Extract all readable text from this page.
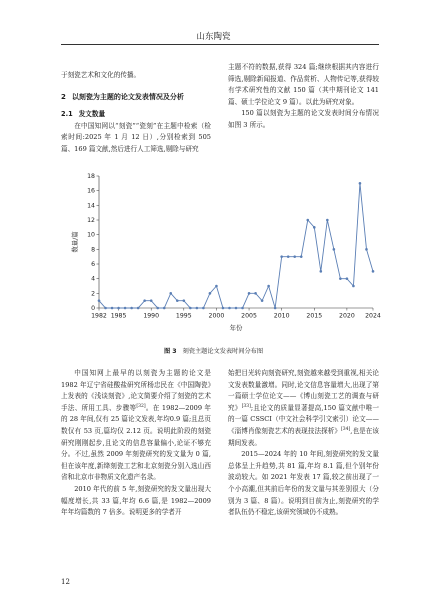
山东陶瓷

于刻瓷艺术和文化的传播。

2 以刻瓷为主题的论文发表情况及分析

2.1 发文数量

在中国知网以“刻瓷”“瓷刻”在主题中检索（检索时间:2025 年 1 月 12 日）,分别检索到 505 篇、169 篇文献,然后进行人工筛选,剔除与研究

主题不符的数据,获得 324 篇;继续根据其内容进行筛选,剔除新闻报道、作品赏析、人物传记等,获得较有学术研究性的文献 150 篇（其中期刊论文 141 篇、硕士学位论文 9 篇）。以此为研究对象。

150 篇以刻瓷为主题的论文发表时间分布情况如图 3 所示。

0
2
4
6
8
10
12
14
16
18
1982 1985	1990	1995	2000	2005	2010	2015	2020 2024
年份
数量/篇
图 3 刻瓷主题论文发表时间分布图

中国知网上最早的以刻瓷为主题的论文是 1982 年辽宁省硅酸盐研究所杨忠民在《中国陶瓷》上发表的《浅谈刻瓷》,论文简要介绍了刻瓷的艺术手法、所用工具、步骤等[32]。在 1982—2009 年的 28 年间,仅有 25 篇论文发表,年均0.9 篇;且总页数仅有 53 页,篇均仅 2.12 页。说明此阶段的刻瓷研究刚刚起步,且论文的信息容量偏小,论证不够充分。不过,虽然 2009 年刻瓷研究的发文量为 0 篇,但在该年度,新绛刻瓷工艺和北京刻瓷分别入选山西省和北京市非物质文化遗产名录。

2010 年代的前 5 年,刻瓷研究的发文量出现大幅度增长,共 33 篇,年均 6.6 篇,是 1982—2009 年年均篇数的 7 倍多。说明更多的学者开

始把目光转向刻瓷研究,刻瓷越来越受到重视,相关论文发表数量激增。同时,论文信息容量增大,出现了第一篇硕士学位论文——《博山刻瓷工艺的调查与研究》[33];且论文的质量显著提高,150 篇文献中唯一的一篇 CSSCI（中文社会科学引文索引）论文——《淄博肖像刻瓷艺术的表现技法探析》[34],也是在该期间发表。

2015—2024 年的 10 年间,刻瓷研究的发文量总体呈上升趋势,共 81 篇,年均 8.1 篇,但个别年份波动较大。如 2021 年发表 17 篇,较之前出现了一个小高潮,但其前后年份的发文量与其差别很大（分别为 3 篇、8 篇）。说明到目前为止,刻瓷研究的学者队伍仍不稳定,该研究领域仍不成熟。

12
